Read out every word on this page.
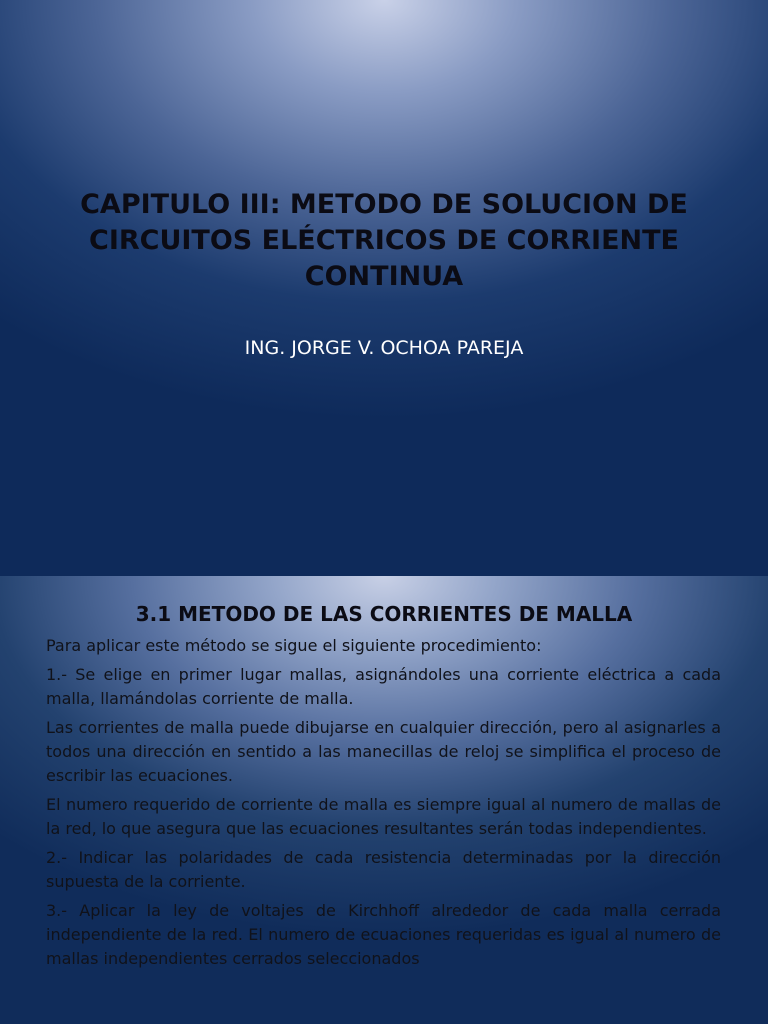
CAPITULO III: METODO DE SOLUCION DE CIRCUITOS ELÉCTRICOS DE CORRIENTE CONTINUA
ING. JORGE V. OCHOA PAREJA
3.1 METODO DE LAS CORRIENTES DE MALLA

Para aplicar este método se sigue el siguiente procedimiento:

1.- Se elige en primer lugar mallas, asignándoles una corriente eléctrica a cada malla, llamándolas corriente de malla.

Las corrientes de malla puede dibujarse en cualquier dirección, pero al asignarles a todos una dirección en sentido a las manecillas de reloj se simplifica el proceso de escribir las ecuaciones.

El numero requerido de corriente de malla es siempre igual al numero de mallas de la red, lo que asegura que las ecuaciones resultantes serán todas independientes.

2.- Indicar las polaridades de cada resistencia determinadas por la dirección supuesta de la corriente.

3.- Aplicar la ley de voltajes de Kirchhoff alrededor de cada malla cerrada independiente de la red. El numero de ecuaciones requeridas es igual al numero de mallas independientes cerrados seleccionados
